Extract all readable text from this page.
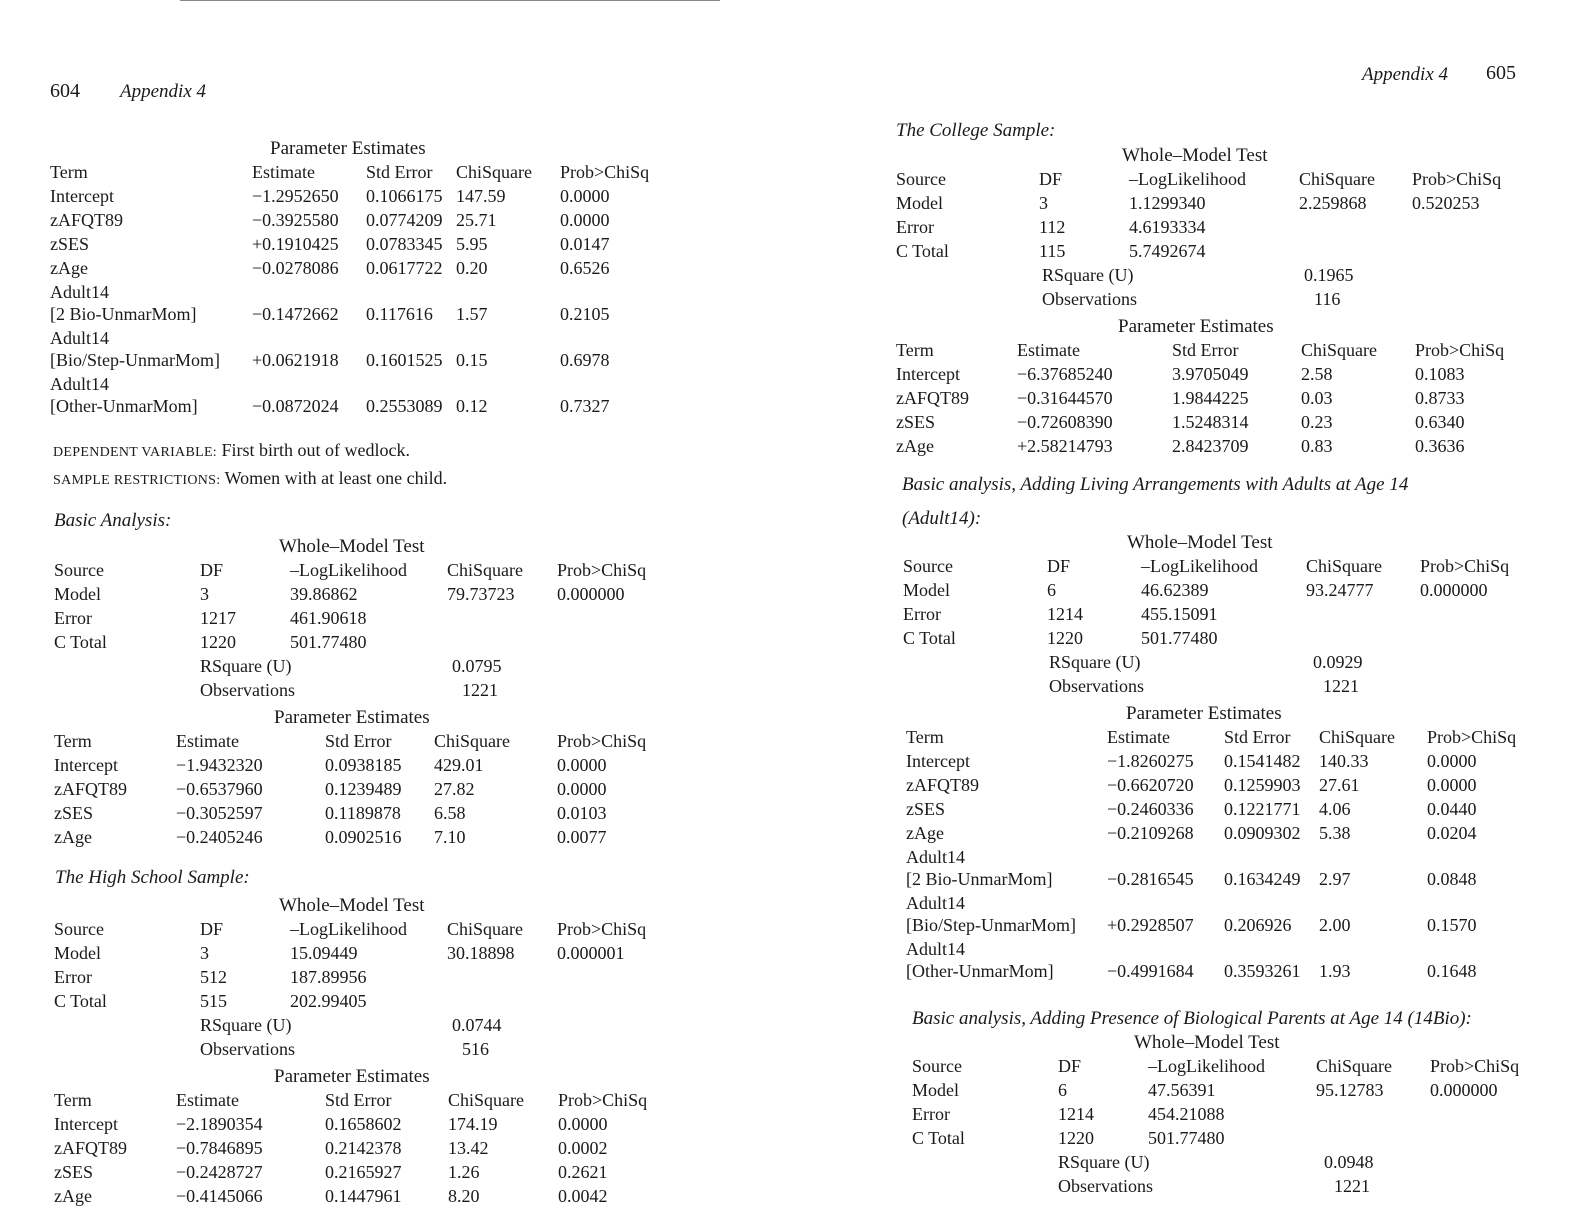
604 Appendix 4
Parameter Estimates
Term	Estimate	Std Error ChiSquare Prob>ChiSq
Intercept	−1.2952650 0.1066175 147.59	0.0000
zAFQT89	−0.3925580 0.0774209 25.71	0.0000
zSES	+0.1910425 0.0783345 5.95	0.0147
zAge	−0.0278086 0.0617722 0.20	0.6526
Adult14
[2 Bio-UnmarMom]	−0.1472662 0.117616 1.57	0.2105
Adult14
[Bio/Step-UnmarMom] +0.0621918 0.1601525 0.15	0.6978
Adult14
[Other-UnmarMom]	−0.0872024 0.2553089 0.12	0.7327
DEPENDENT VARIABLE: First birth out of wedlock.
SAMPLE RESTRICTIONS: Women with at least one child.
Basic Analysis:
Whole–Model Test
Source	DF	–LogLikelihood ChiSquare Prob>ChiSq
Model	3	39.86862	79.73723 0.000000
Error	1217	461.90618
C Total	1220	501.77480
RSquare (U)	0.0795
Observations	1221
Parameter Estimates
Term	Estimate	Std Error ChiSquare	Prob>ChiSq
Intercept	−1.9432320	0.0938185 429.01	0.0000
zAFQT89	−0.6537960	0.1239489 27.82	0.0000
zSES	−0.3052597	0.1189878 6.58	0.0103
zAge	−0.2405246	0.0902516 7.10	0.0077
The High School Sample:
Whole–Model Test
Source	DF	–LogLikelihood ChiSquare Prob>ChiSq
Model	3	15.09449	30.18898 0.000001
Error	512	187.89956
C Total	515	202.99405
RSquare (U)	0.0744
Observations	516
Parameter Estimates
Term	Estimate	Std Error	ChiSquare Prob>ChiSq
Intercept	−2.1890354	0.1658602	174.19	0.0000
zAFQT89	−0.7846895	0.2142378	13.42	0.0002
zSES	−0.2428727	0.2165927	1.26	0.2621
zAge	−0.4145066	0.1447961	8.20	0.0042
Appendix 4 605
The College Sample:
Whole–Model Test
Source	DF	–LogLikelihood	ChiSquare Prob>ChiSq
Model	3	1.1299340	2.259868	0.520253
Error	112	4.6193334
C Total	115	5.7492674
RSquare (U)	0.1965
Observations	116
Parameter Estimates
Term	Estimate	Std Error	ChiSquare Prob>ChiSq
Intercept	−6.37685240	3.9705049	2.58	0.1083
zAFQT89	−0.31644570	1.9844225	0.03	0.8733
zSES	−0.72608390	1.5248314	0.23	0.6340
zAge	+2.58214793	2.8423709	0.83	0.3636
Basic analysis, Adding Living Arrangements with Adults at Age 14
(Adult14):
Whole–Model Test
Source	DF	–LogLikelihood	ChiSquare Prob>ChiSq
Model	6	46.62389	93.24777	0.000000
Error	1214	455.15091
C Total	1220	501.77480
RSquare (U)	0.0929
Observations	1221
Parameter Estimates
Term	Estimate	Std Error ChiSquare Prob>ChiSq
Intercept	−1.8260275 0.1541482 140.33	0.0000
zAFQT89	−0.6620720 0.1259903 27.61	0.0000
zSES	−0.2460336 0.1221771 4.06	0.0440
zAge	−0.2109268 0.0909302 5.38	0.0204
Adult14
[2 Bio-UnmarMom]	−0.2816545 0.1634249 2.97	0.0848
Adult14
[Bio/Step-UnmarMom] +0.2928507 0.206926 2.00	0.1570
Adult14
[Other-UnmarMom]	−0.4991684 0.3593261 1.93	0.1648
Basic analysis, Adding Presence of Biological Parents at Age 14 (14Bio):
Whole–Model Test
Source	DF	–LogLikelihood	ChiSquare Prob>ChiSq
Model	6	47.56391	95.12783	0.000000
Error	1214	454.21088
C Total	1220	501.77480
RSquare (U)	0.0948
Observations	1221
